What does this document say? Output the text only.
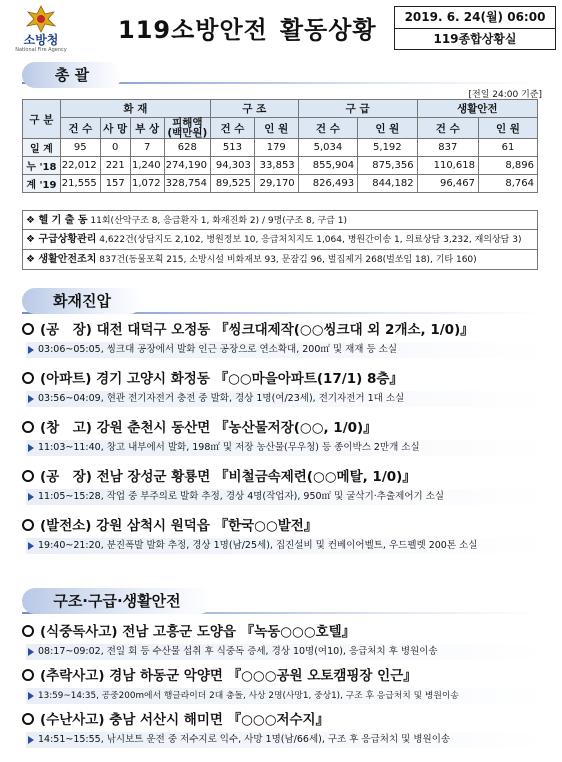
소방청
National Fire Agency
119소방안전 활동상황	2019. 6. 24(월) 06:00
119종합상황실
총 괄
[전일 24:00 기준]
구 분	화 재				구 조		구 급		생활안전	
	건 수	사 망	부 상	피해액 (백만원)	건 수	인 원	건 수	인 원	건 수	인 원
일 계	95	0	7	628	513	179	5,034	5,192	837	61
누 '18	22,012	221	1,240	274,190	94,303	33,853	855,904	875,356	110,618	8,896
계 '19	21,555	157	1,072	328,754	89,525	29,170	826,493	844,182	96,467	8,764
❖ 헬 기 출 동 11회(산악구조 8, 응급환자 1, 화재진화 2) / 9명(구조 8, 구급 1)
❖ 구급상황관리 4,622건(상담지도 2,102, 병원정보 10, 응급처치지도 1,064, 병원간이송 1, 의료상담 3,232, 재의상담 3)
❖ 생활안전조치 837건(동물포획 215, 소방시설 비화재보 93, 문잠김 96, 벌집제거 268(벌쏘임 18), 기타 160)
화재진압
(공　장) 대전 대덕구 오정동 『씽크대제작(○○씽크대 외 2개소, 1/0)』
03:06~05:05, 씽크대 공장에서 발화 인근 공장으로 연소확대, 200㎡ 및 재재 등 소실
(아파트) 경기 고양시 화정동 『○○마을아파트(17/1) 8층』
03:56~04:09, 현관 전기자전거 충전 중 발화, 경상 1명(여/23세), 전기자전거 1대 소실
(창　고) 강원 춘천시 동산면 『농산물저장(○○, 1/0)』
11:03~11:40, 창고 내부에서 발화, 198㎡ 및 저장 농산물(무우청) 등 종이박스 2만개 소실
(공　장) 전남 장성군 황룡면 『비철금속제련(○○메탈, 1/0)』
11:05~15:28, 작업 중 부주의로 발화 추정, 경상 4명(작업자), 950㎡ 및 굴삭기·추출제어기 소실
(발전소) 강원 삼척시 원덕읍 『한국○○발전』
19:40~21:20, 분진폭발 발화 추정, 경상 1명(남/25세), 집진설비 및 컨베이어벨트, 우드펠렛 200톤 소실
구조·구급·생활안전
(식중독사고) 전남 고흥군 도양읍 『녹동○○○호텔』
08:17~09:02, 전일 회 등 수산물 섭취 후 식중독 증세, 경상 10명(여10), 응급처치 후 병원이송
(추락사고) 경남 하동군 악양면 『○○○공원 오토캠핑장 인근』
13:59~14:35, 공중200m에서 행글라이더 2대 충돌, 사상 2명(사망1, 중상1), 구조 후 응급처치 및 병원이송
(수난사고) 충남 서산시 해미면 『○○○저수지』
14:51~15:55, 낚시보트 운전 중 저수지로 익수, 사망 1명(남/66세), 구조 후 응급처치 및 병원이송
